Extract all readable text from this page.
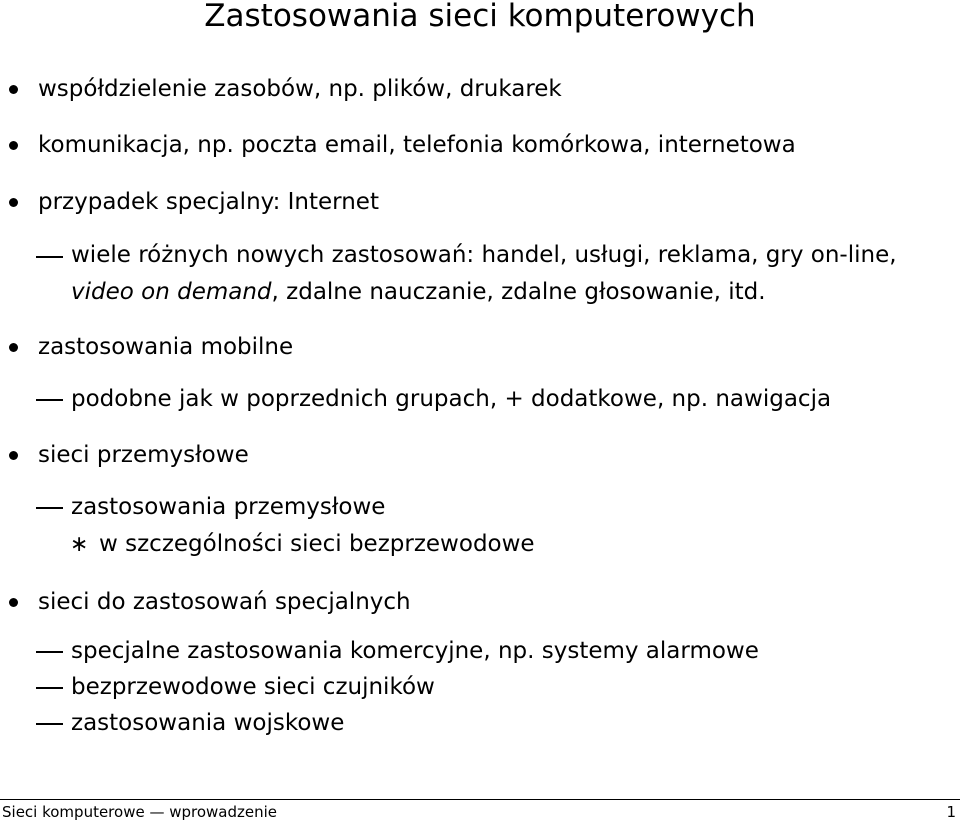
Zastosowania sieci komputerowych
współdzielenie zasobów, np. plików, drukarek
komunikacja, np. poczta email, telefonia komórkowa, internetowa
przypadek specjalny: Internet
wiele różnych nowych zastosowań: handel, usługi, reklama, gry on-line,
video on demand, zdalne nauczanie, zdalne głosowanie, itd.
zastosowania mobilne
podobne jak w poprzednich grupach, + dodatkowe, np. nawigacja
sieci przemysłowe
zastosowania przemysłowe
∗ w szczególności sieci bezprzewodowe
sieci do zastosowań specjalnych
specjalne zastosowania komercyjne, np. systemy alarmowe
bezprzewodowe sieci czujników
zastosowania wojskowe
Sieci komputerowe — wprowadzenie	1
